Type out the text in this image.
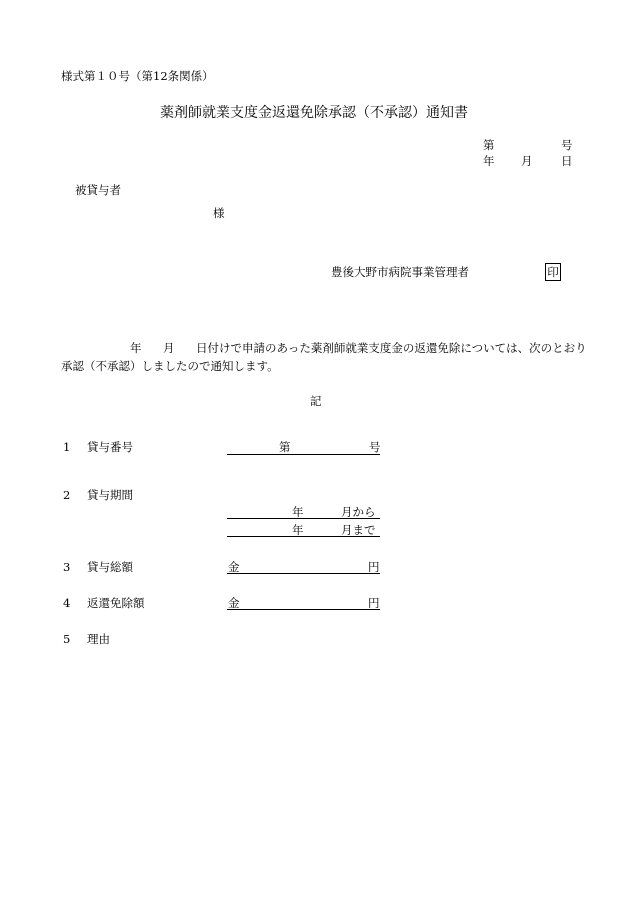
様式第１０号（第12条関係）
薬剤師就業支度金返還免除承認（不承認）通知書
第	号
年 月 日
被貸与者
様
豊後大野市病院事業管理者	印
年 月 日付けで申請のあった薬剤師就業支度金の返還免除については、次のとおり
承認（不承認）しましたので通知します。
記
1 貸与番号	第	号
2 貸与期間
年	月から
年	月まで
3 貸与総額	金	円
4 返還免除額	金	円
5 理由
